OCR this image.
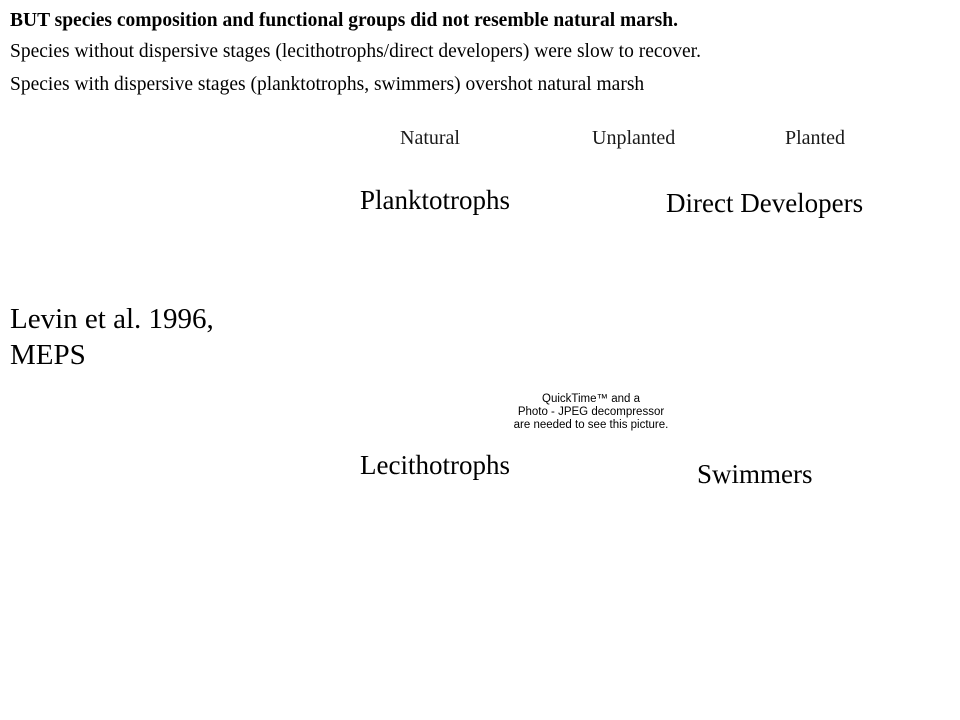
BUT species composition and functional groups did not resemble natural marsh.
Species without dispersive stages (lecithotrophs/direct developers) were slow to recover.
Species with dispersive stages (planktotrophs, swimmers) overshot natural marsh
Natural	Unplanted	Planted
Planktotrophs	Direct Developers
Lecithotrophs	Swimmers
Levin et al. 1996,
MEPS
QuickTime™ and a
Photo - JPEG decompressor
are needed to see this picture.
